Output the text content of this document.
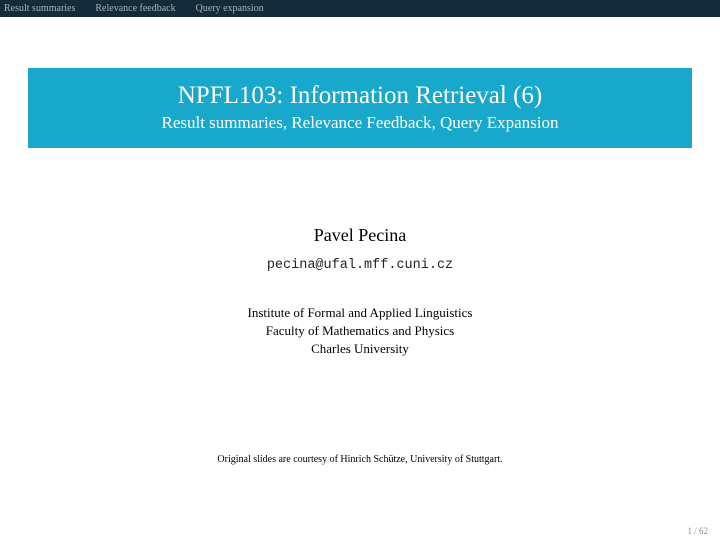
Result summaries Relevance feedback Query expansion
NPFL103: Information Retrieval (6)
Result summaries, Relevance Feedback, Query Expansion
Pavel Pecina
pecina@ufal.mff.cuni.cz
Institute of Formal and Applied Linguistics
Faculty of Mathematics and Physics
Charles University
Original slides are courtesy of Hinrich Schütze, University of Stuttgart.
1 / 62
